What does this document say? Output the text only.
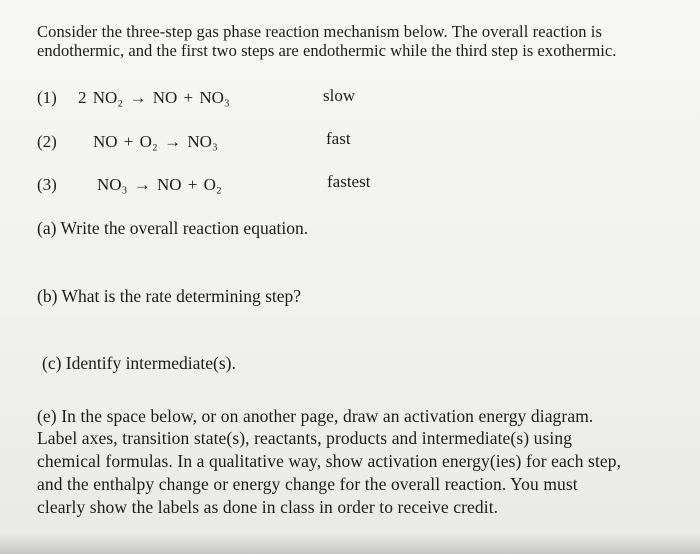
Consider the three-step gas phase reaction mechanism below. The overall reaction is
endothermic, and the first two steps are endothermic while the third step is exothermic.
(1) 2 NO₂ → NO + NO₃	slow
(2) NO + O₂ → NO₃	fast
(3) NO₃ → NO + O₂	fastest
(a) Write the overall reaction equation.
(b) What is the rate determining step?
(c) Identify intermediate(s).
(e) In the space below, or on another page, draw an activation energy diagram.
Label axes, transition state(s), reactants, products and intermediate(s) using
chemical formulas. In a qualitative way, show activation energy(ies) for each step,
and the enthalpy change or energy change for the overall reaction. You must
clearly show the labels as done in class in order to receive credit.
